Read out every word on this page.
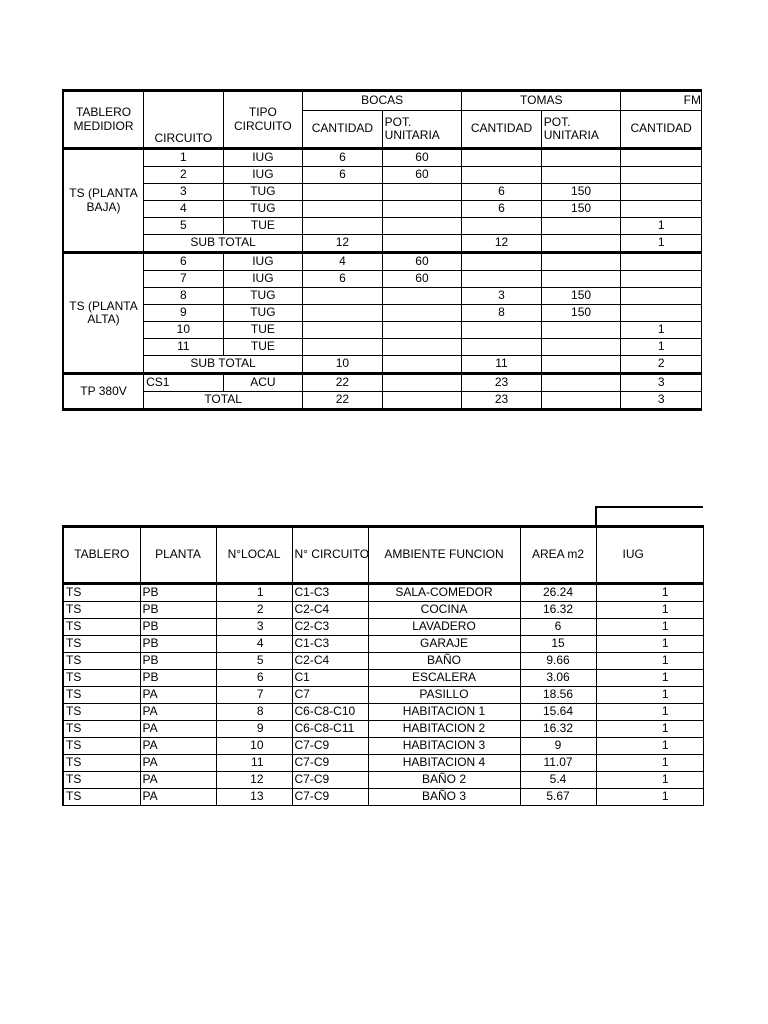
TABLERO MEDIDIOR	CIRCUITO	TIPO CIRCUITO	BOCAS		TOMAS		FM
			CANTIDAD	POT. UNITARIA	CANTIDAD	POT. UNITARIA	CANTIDAD
TS (PLANTA BAJA)	1	IUG	6	60			
	2	IUG	6	60			
	3	TUG			6	150	
	4	TUG			6	150	
	5	TUE					1
	SUB TOTAL		12		12		1
TS (PLANTA ALTA)	6	IUG	4	60			
	7	IUG	6	60			
	8	TUG			3	150	
	9	TUG			8	150	
	10	TUE					1
	11	TUE					1
	SUB TOTAL		10		11		2
TP 380V	CS1	ACU	22		23		3
	TOTAL		22		23		3

TABLERO	PLANTA	N°LOCAL	N° CIRCUITO	AMBIENTE FUNCION	AREA m2	IUG
TS	PB	1	C1-C3	SALA-COMEDOR	26.24	1
TS	PB	2	C2-C4	COCINA	16.32	1
TS	PB	3	C2-C3	LAVADERO	6	1
TS	PB	4	C1-C3	GARAJE	15	1
TS	PB	5	C2-C4	BAÑO	9.66	1
TS	PB	6	C1	ESCALERA	3.06	1
TS	PA	7	C7	PASILLO	18.56	1
TS	PA	8	C6-C8-C10	HABITACION 1	15.64	1
TS	PA	9	C6-C8-C11	HABITACION 2	16.32	1
TS	PA	10	C7-C9	HABITACION 3	9	1
TS	PA	11	C7-C9	HABITACION 4	11.07	1
TS	PA	12	C7-C9	BAÑO 2	5.4	1
TS	PA	13	C7-C9	BAÑO 3	5.67	1
